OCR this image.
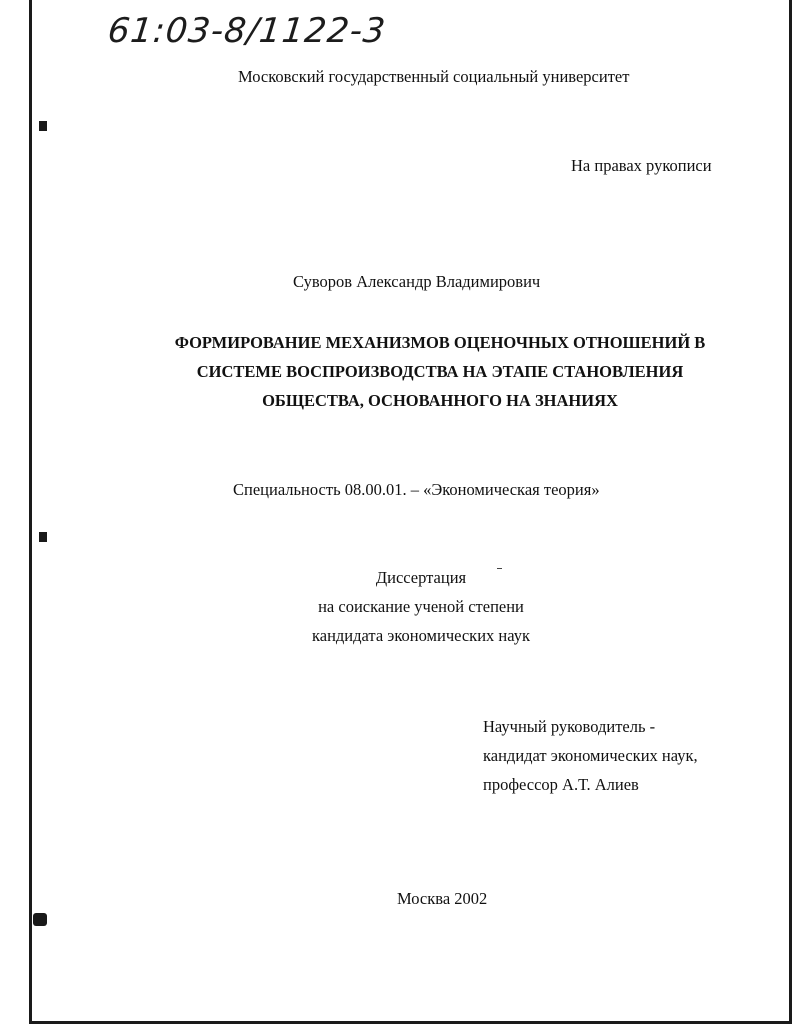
61:03-8/1122-3
Московский государственный социальный университет
На правах рукописи
Суворов Александр Владимирович
ФОРМИРОВАНИЕ МЕХАНИЗМОВ ОЦЕНОЧНЫХ ОТНОШЕНИЙ В
СИСТЕМЕ ВОСПРОИЗВОДСТВА НА ЭТАПЕ СТАНОВЛЕНИЯ
ОБЩЕСТВА, ОСНОВАННОГО НА ЗНАНИЯХ
Специальность 08.00.01. – «Экономическая теория»
Диссертация
на соискание ученой степени
кандидата экономических наук
Научный руководитель -
кандидат экономических наук,
профессор А.Т. Алиев
Москва 2002
